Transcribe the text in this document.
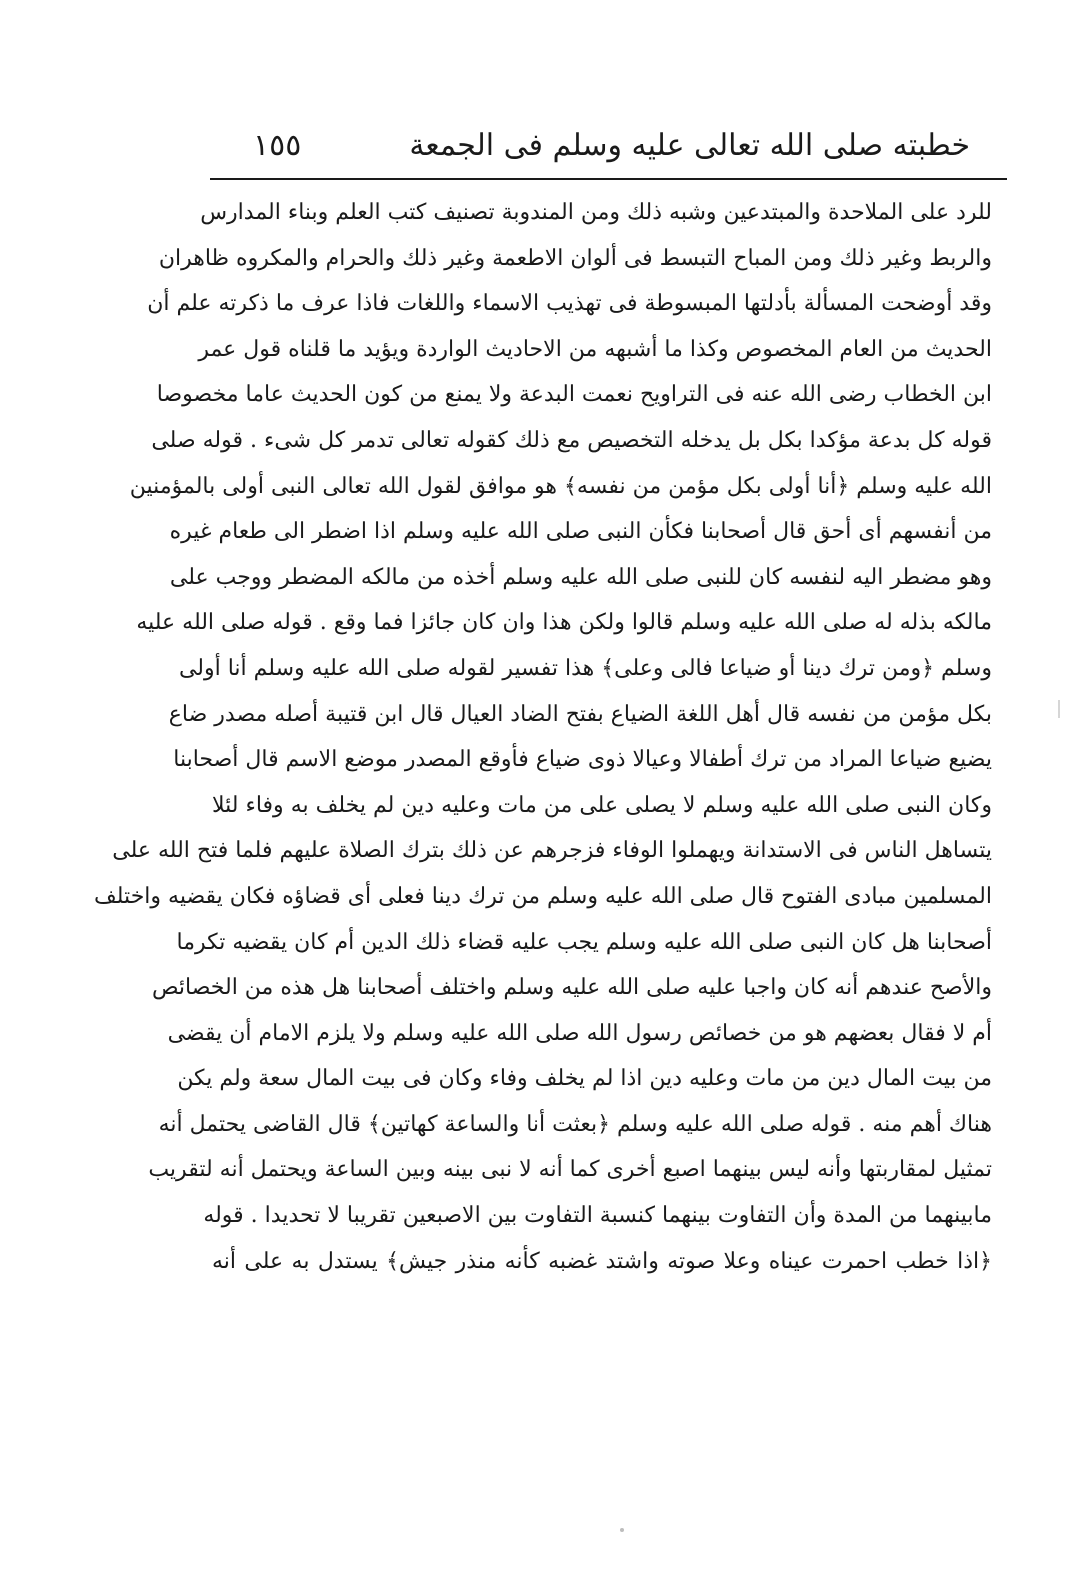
خطبته صلى الله تعالى عليه وسلم فى الجمعة
١٥٥
للرد على الملاحدة والمبتدعين وشبه ذلك ومن المندوبة تصنيف كتب العلم وبناء المدارس
والربط وغير ذلك ومن المباح التبسط فى ألوان الاطعمة وغير ذلك والحرام والمكروه ظاهران
وقد أوضحت المسألة بأدلتها المبسوطة فى تهذيب الاسماء واللغات فاذا عرف ما ذكرته علم أن
الحديث من العام المخصوص وكذا ما أشبهه من الاحاديث الواردة ويؤيد ما قلناه قول عمر
ابن الخطاب رضى الله عنه فى التراويح نعمت البدعة ولا يمنع من كون الحديث عاما مخصوصا
قوله كل بدعة مؤكدا بكل بل يدخله التخصيص مع ذلك كقوله تعالى تدمر كل شىء . قوله صلى
الله عليه وسلم ﴿أنا أولى بكل مؤمن من نفسه﴾ هو موافق لقول الله تعالى النبى أولى بالمؤمنين
من أنفسهم أى أحق قال أصحابنا فكأن النبى صلى الله عليه وسلم اذا اضطر الى طعام غيره
وهو مضطر اليه لنفسه كان للنبى صلى الله عليه وسلم أخذه من مالكه المضطر ووجب على
مالكه بذله له صلى الله عليه وسلم قالوا ولكن هذا وان كان جائزا فما وقع . قوله صلى الله عليه
وسلم ﴿ومن ترك دينا أو ضياعا فالى وعلى﴾ هذا تفسير لقوله صلى الله عليه وسلم أنا أولى
بكل مؤمن من نفسه قال أهل اللغة الضياع بفتح الضاد العيال قال ابن قتيبة أصله مصدر ضاع
يضيع ضياعا المراد من ترك أطفالا وعيالا ذوى ضياع فأوقع المصدر موضع الاسم قال أصحابنا
وكان النبى صلى الله عليه وسلم لا يصلى على من مات وعليه دين لم يخلف به وفاء لئلا
يتساهل الناس فى الاستدانة ويهملوا الوفاء فزجرهم عن ذلك بترك الصلاة عليهم فلما فتح الله على
المسلمين مبادى الفتوح قال صلى الله عليه وسلم من ترك دينا فعلى أى قضاؤه فكان يقضيه واختلف
أصحابنا هل كان النبى صلى الله عليه وسلم يجب عليه قضاء ذلك الدين أم كان يقضيه تكرما
والأصح عندهم أنه كان واجبا عليه صلى الله عليه وسلم واختلف أصحابنا هل هذه من الخصائص
أم لا فقال بعضهم هو من خصائص رسول الله صلى الله عليه وسلم ولا يلزم الامام أن يقضى
من بيت المال دين من مات وعليه دين اذا لم يخلف وفاء وكان فى بيت المال سعة ولم يكن
هناك أهم منه . قوله صلى الله عليه وسلم ﴿بعثت أنا والساعة كهاتين﴾ قال القاضى يحتمل أنه
تمثيل لمقاربتها وأنه ليس بينهما اصبع أخرى كما أنه لا نبى بينه وبين الساعة ويحتمل أنه لتقريب
مابينهما من المدة وأن التفاوت بينهما كنسبة التفاوت بين الاصبعين تقريبا لا تحديدا . قوله
﴿اذا خطب احمرت عيناه وعلا صوته واشتد غضبه كأنه منذر جيش﴾ يستدل به على أنه
